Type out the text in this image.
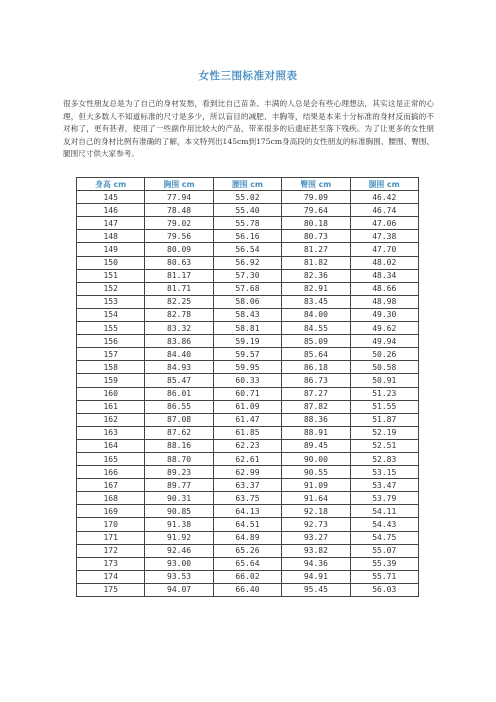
女性三围标准对照表

很多女性朋友总是为了自己的身材发愁，看到比自己苗条、丰满的人总是会有些心理想法，其实这是正常的心理，但大多数人不知道标准的尺寸是多少，所以盲目的减肥、丰胸等，结果是本来十分标准的身材反而搞的不对称了，更有甚者，使用了一些副作用比较大的产品，带来很多的后遗症甚至落下残疾。为了让更多的女性朋友对自己的身材比例有准确的了解，本文特列出145cm到175cm身高段的女性朋友的标准胸围、腰围、臀围、腿围尺寸供大家参考。

身高 cm	胸围 cm	腰围 cm	臀围 cm	腿围 cm
145	77.94	55.02	79.09	46.42
146	78.48	55.40	79.64	46.74
147	79.02	55.78	80.18	47.06
148	79.56	56.16	80.73	47.38
149	80.09	56.54	81.27	47.70
150	80.63	56.92	81.82	48.02
151	81.17	57.30	82.36	48.34
152	81.71	57.68	82.91	48.66
153	82.25	58.06	83.45	48.98
154	82.78	58.43	84.00	49.30
155	83.32	58.81	84.55	49.62
156	83.86	59.19	85.09	49.94
157	84.40	59.57	85.64	50.26
158	84.93	59.95	86.18	50.58
159	85.47	60.33	86.73	50.91
160	86.01	60.71	87.27	51.23
161	86.55	61.09	87.82	51.55
162	87.08	61.47	88.36	51.87
163	87.62	61.85	88.91	52.19
164	88.16	62.23	89.45	52.51
165	88.70	62.61	90.00	52.83
166	89.23	62.99	90.55	53.15
167	89.77	63.37	91.09	53.47
168	90.31	63.75	91.64	53.79
169	90.85	64.13	92.18	54.11
170	91.38	64.51	92.73	54.43
171	91.92	64.89	93.27	54.75
172	92.46	65.26	93.82	55.07
173	93.00	65.64	94.36	55.39
174	93.53	66.02	94.91	55.71
175	94.07	66.40	95.45	56.03
